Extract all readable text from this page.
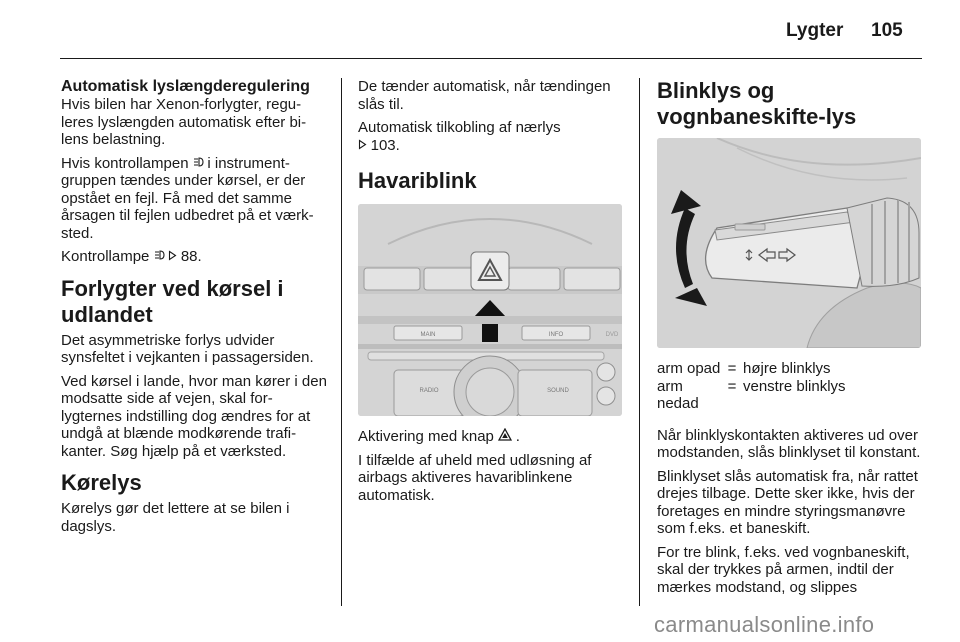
Lygter 105
Automatisk lyslængderegulering

Hvis bilen har Xenon-forlygter, reguleres lyslængden automatisk efter bilens belastning.

Hvis kontrollampen i instrumentgruppen tændes under kørsel, er der opstået en fejl. Få med det samme årsagen til fejlen udbedret på et værksted.

Kontrollampe 88.

Forlygter ved kørsel i udlandet

Det asymmetriske forlys udvider synsfeltet i vejkanten i passagersiden.

Ved kørsel i lande, hvor man kører i den modsatte side af vejen, skal forlygternes indstilling dog ændres for at undgå at blænde modkørende trafikanter. Søg hjælp på et værksted.

Kørelys

Kørelys gør det lettere at se bilen i dagslys.

De tænder automatisk, når tændingen slås til.

Automatisk tilkobling af nærlys
103.

Havariblink
MAIN	INFO	DVD
RADIO	SOUND

Aktivering med knap .

I tilfælde af uheld med udløsning af airbags aktiveres havariblinkene automatisk.

Blinklys og vognbaneskifte-lys
arm opad	=	højre blinklys
arm nedad	=	venstre blinklys

Når blinklyskontakten aktiveres ud over modstanden, slås blinklyset til konstant.

Blinklyset slås automatisk fra, når rattet drejes tilbage. Dette sker ikke, hvis der foretages en mindre styringsmanøvre som f.eks. et baneskift.

For tre blink, f.eks. ved vognbaneskift, skal der trykkes på armen, indtil der mærkes modstand, og slippes

carmanualsonline.info
